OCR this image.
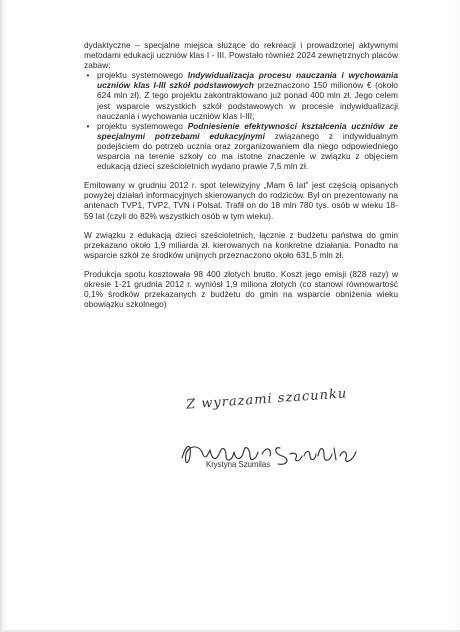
dydaktyczne – specjalne miejsca służące do rekreacji i prowadzonej aktywnymi metodami edukacji uczniów klas I - III. Powstało również 2024 zewnętrznych placów zabaw;

• projektu systemowego Indywidualizacja procesu nauczania i wychowania uczniów klas I-III szkół podstawowych przeznaczono 150 milionów € (około 624 mln zł). Z tego projektu zakontraktowano już ponad 400 mln zł. Jego celem jest wsparcie wszystkich szkół podstawowych w procesie indywidualizacji nauczania i wychowania uczniów klas I-III;
• projektu systemowego Podniesienie efektywności kształcenia uczniów ze specjalnymi potrzebami edukacyjnymi związanego z indywidualnym podejściem do potrzeb ucznia oraz zorganizowaniem dla niego odpowiedniego wsparcia na terenie szkoły co ma istotne znaczenie w związku z objęciem edukacją dzieci sześcioletnich wydano prawie 7,5 mln zł.

Emitowany w grudniu 2012 r. spot telewizyjny „Mam 6 lat” jest częścią opisanych powyżej działań informacyjnych skierowanych do rodziców. Był on prezentowany na antenach TVP1, TVP2, TVN i Polsat. Trafił on do 18 mln 780 tys. osób w wieku 18-59 lat (czyli do 82% wszystkich osób w tym wieku).

W związku z edukacją dzieci sześcioletnich, łącznie z budżetu państwa do gmin przekazano około 1,9 miliarda zł. kierowanych na konkretne działania. Ponadto na wsparcie szkół ze środków unijnych przeznaczono około 631,5 mln zł.

Produkcja spotu kosztowała 98 400 złotych brutto. Koszt jego emisji (828 razy) w okresie 1-21 grudnia 2012 r. wyniósł 1,9 miliona złotych (co stanowi równowartość 0,1% środków przekazanych z budżetu do gmin na wsparcie obniżenia wieku obowiązku szkolnego)

Z wyrazami szacunku
Krystyna Szumilas
